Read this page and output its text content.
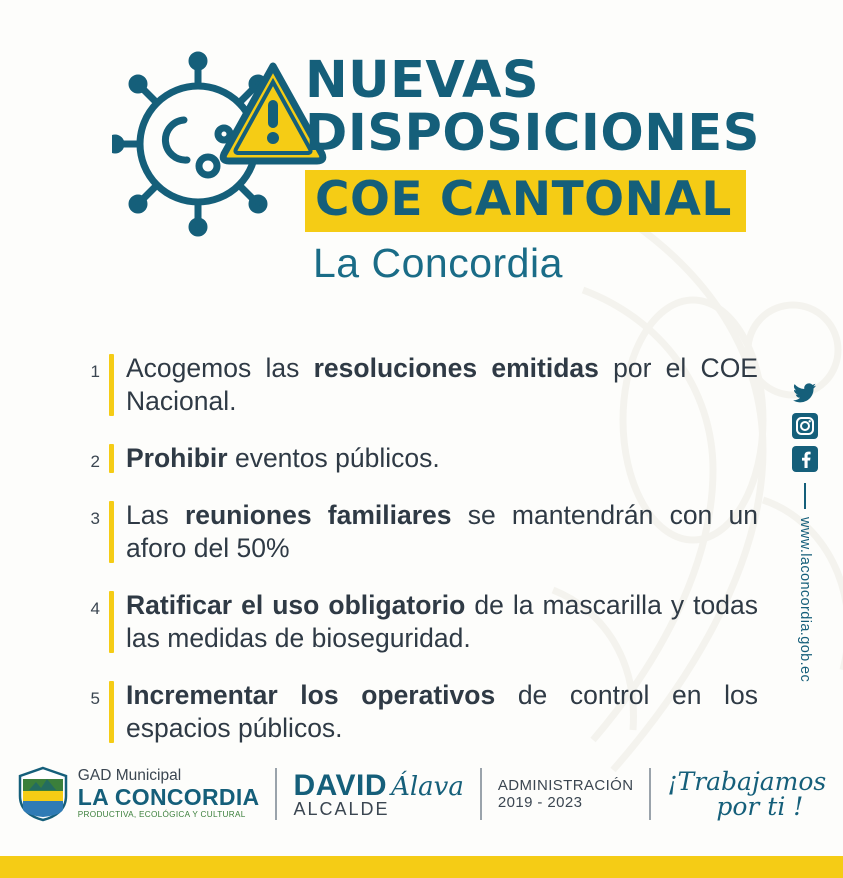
NUEVAS
DISPOSICIONES
COE CANTONAL
La Concordia
1 Acogemos las resoluciones emitidas por el COE Nacional.
2 Prohibir eventos públicos.
3 Las reuniones familiares se mantendrán con un aforo del 50%
4 Ratificar el uso obligatorio de la mascarilla y todas las medidas de bioseguridad.
5 Incrementar los operativos de control en los espacios públicos.
www.laconcordia.gob.ec
GAD Municipal
LA CONCORDIA
PRODUCTIVA, ECOLÓGICA Y CULTURAL
DAVID Álava
ALCALDE
ADMINISTRACIÓN
2019 - 2023
¡Trabajamos
por ti !
